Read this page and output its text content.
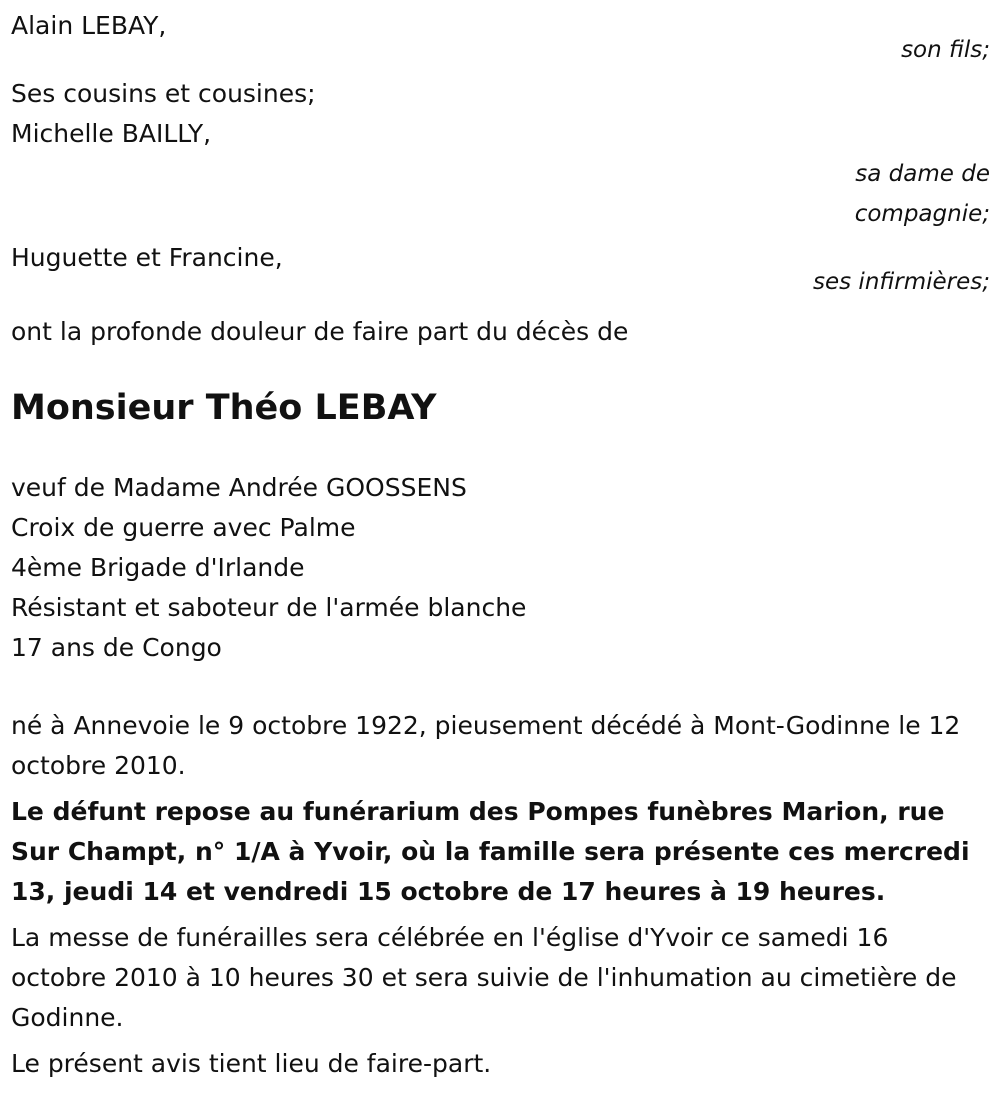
Alain LEBAY,
son fils;
Ses cousins et cousines;
Michelle BAILLY,
sa dame de
compagnie;
Huguette et Francine,
ses infirmières;
ont la profonde douleur de faire part du décès de
Monsieur Théo LEBAY
veuf de Madame Andrée GOOSSENS
Croix de guerre avec Palme
4ème Brigade d'Irlande
Résistant et saboteur de l'armée blanche
17 ans de Congo
né à Annevoie le 9 octobre 1922, pieusement décédé à Mont-Godinne le 12 octobre 2010.
Le défunt repose au funérarium des Pompes funèbres Marion, rue Sur Champt, n° 1/A à Yvoir, où la famille sera présente ces mercredi 13, jeudi 14 et vendredi 15 octobre de 17 heures à 19 heures.
La messe de funérailles sera célébrée en l'église d'Yvoir ce samedi 16 octobre 2010 à 10 heures 30 et sera suivie de l'inhumation au cimetière de Godinne.
Le présent avis tient lieu de faire-part.
